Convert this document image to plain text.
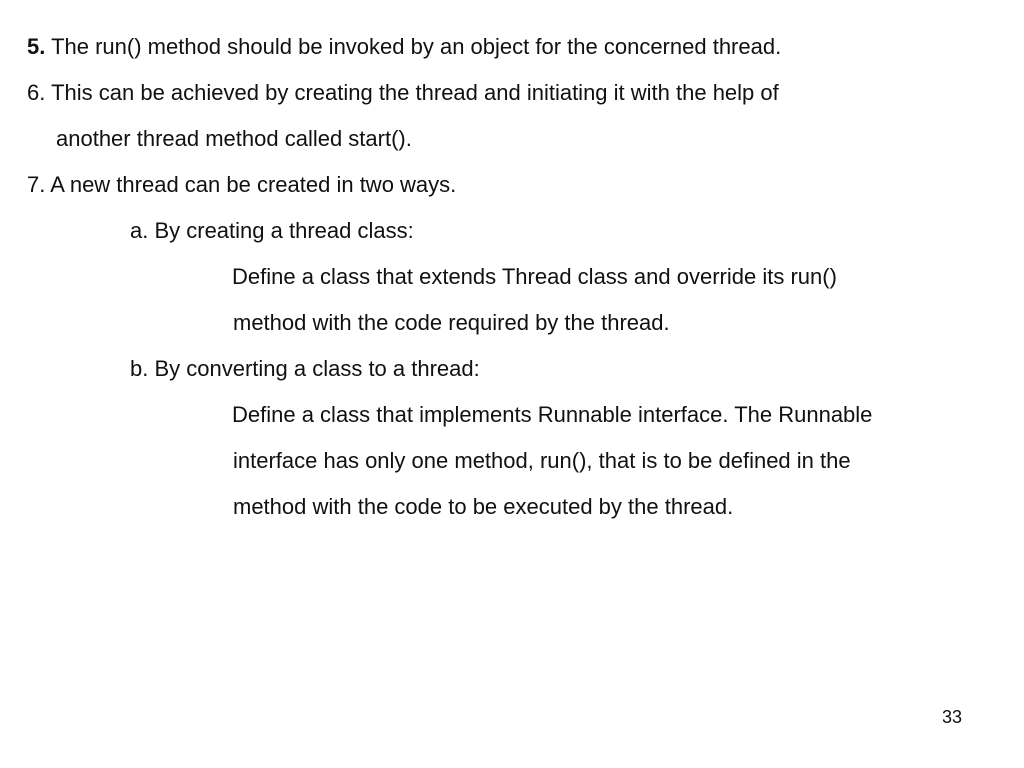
5. The run() method should be invoked by an object for the concerned thread.
6. This can be achieved by creating the thread and initiating it with the help of
another thread method called start().
7. A new thread can be created in two ways.
a. By creating a thread class:
Define a class that extends Thread class and override its run()
method with the code required by the thread.
b. By converting a class to a thread:
Define a class that implements Runnable interface. The Runnable
interface has only one method, run(), that is to be defined in the
method with the code to be executed by the thread.
33
